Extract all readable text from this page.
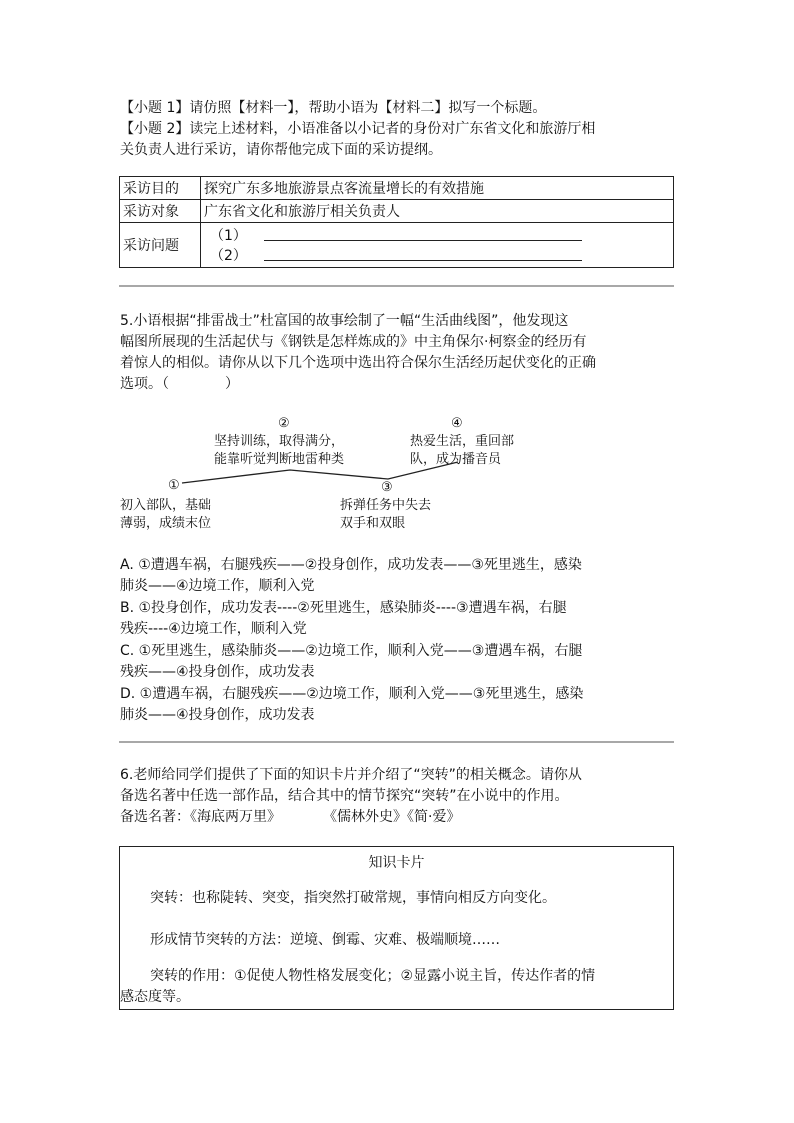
【小题 1】请仿照【材料一】，帮助小语为【材料二】拟写一个标题。
【小题 2】读完上述材料，小语准备以小记者的身份对广东省文化和旅游厅相
关负责人进行采访，请你帮他完成下面的采访提纲。
采访目的	探究广东多地旅游景点客流量增长的有效措施
采访对象	广东省文化和旅游厅相关负责人
采访问题	（1）
（2）
5.小语根据“排雷战士”杜富国的故事绘制了一幅“生活曲线图”，他发现这
幅图所展现的生活起伏与《钢铁是怎样炼成的》中主角保尔·柯察金的经历有
着惊人的相似。请你从以下几个选项中选出符合保尔生活经历起伏变化的正确
选项。（　　　　）
①
初入部队，基础
薄弱，成绩末位
②
坚持训练，取得满分，
能靠听觉判断地雷种类
③
拆弹任务中失去
双手和双眼
④
热爱生活，重回部
队，成为播音员
A. ①遭遇车祸，右腿残疾——②投身创作，成功发表——③死里逃生，感染
肺炎——④边境工作，顺利入党
B. ①投身创作，成功发表----②死里逃生，感染肺炎----③遭遇车祸，右腿
残疾----④边境工作，顺利入党
C. ①死里逃生，感染肺炎——②边境工作，顺利入党——③遭遇车祸，右腿
残疾——④投身创作，成功发表
D. ①遭遇车祸，右腿残疾——②边境工作，顺利入党——③死里逃生，感染
肺炎——④投身创作，成功发表
6.老师给同学们提供了下面的知识卡片并介绍了“突转”的相关概念。请你从
备选名著中任选一部作品，结合其中的情节探究“突转”在小说中的作用。
备选名著：《海底两万里》　　　　《儒林外史》《简·爱》
知识卡片
突转：也称陡转、突变，指突然打破常规，事情向相反方向变化。
形成情节突转的方法：逆境、倒霉、灾难、极端顺境……
突转的作用：①促使人物性格发展变化；②显露小说主旨，传达作者的情
感态度等。
